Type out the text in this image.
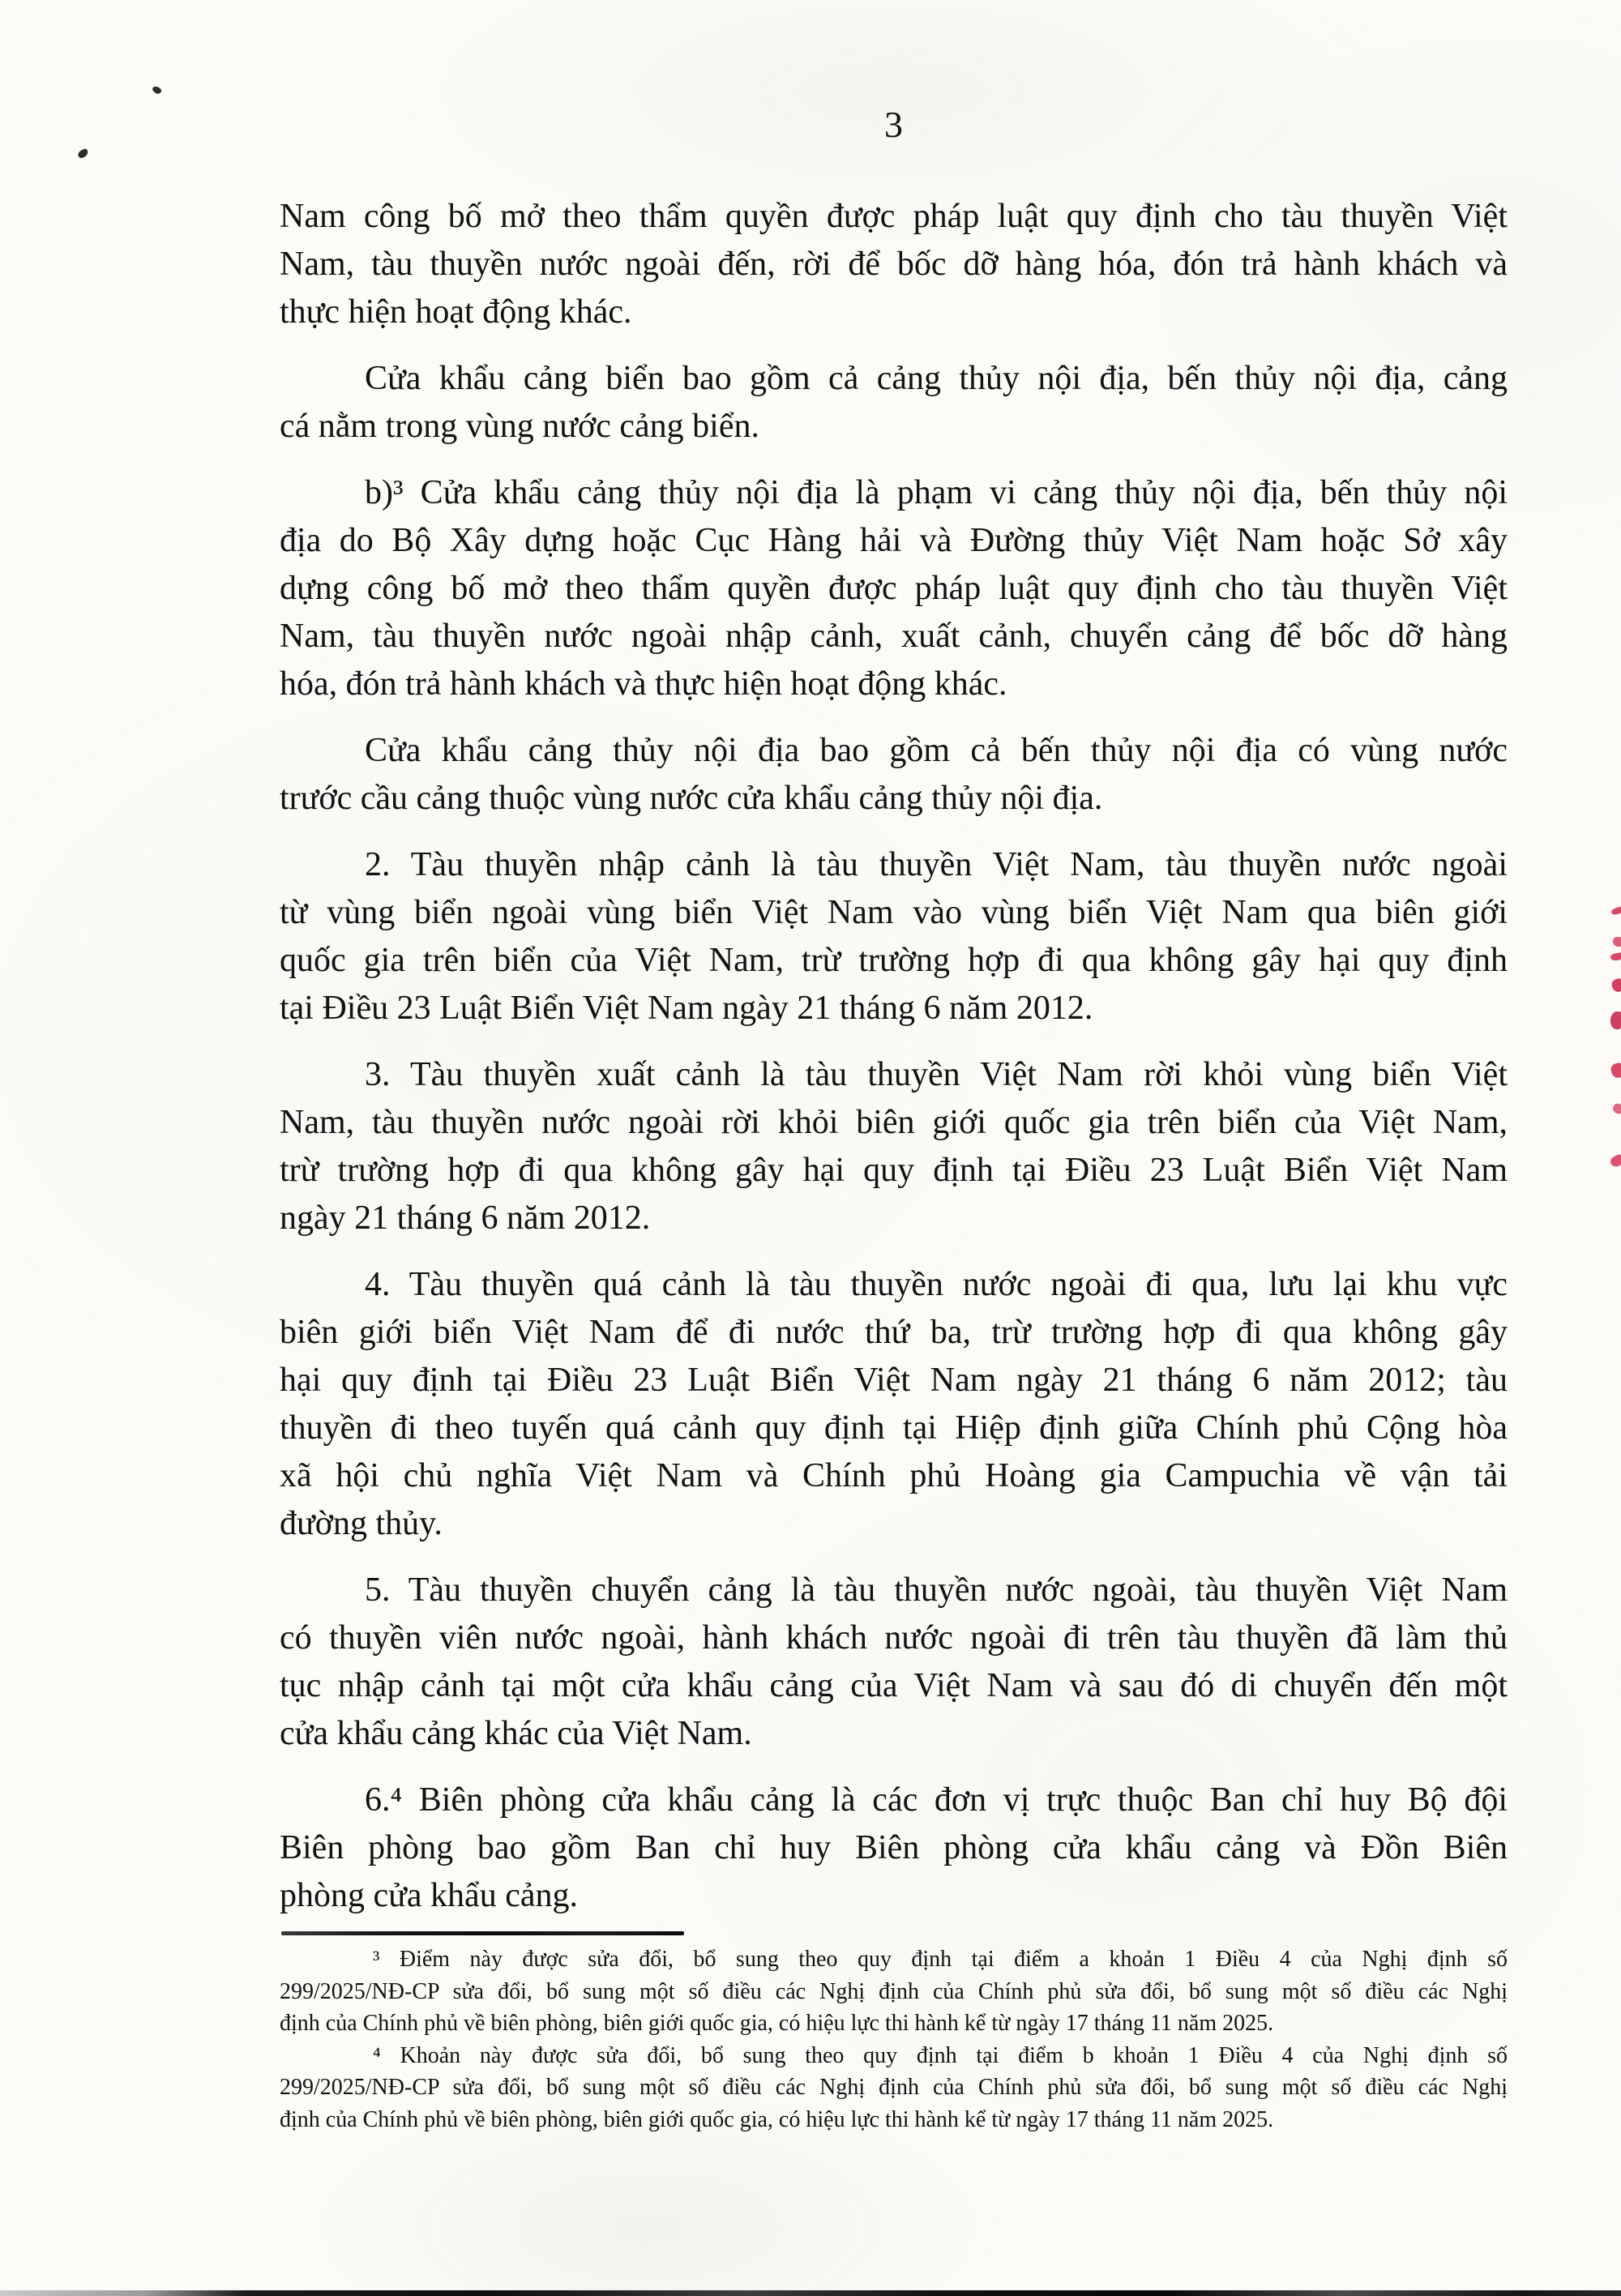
3
Nam công bố mở theo thẩm quyền được pháp luật quy định cho tàu thuyền Việt
Nam, tàu thuyền nước ngoài đến, rời để bốc dỡ hàng hóa, đón trả hành khách và
thực hiện hoạt động khác.
Cửa khẩu cảng biển bao gồm cả cảng thủy nội địa, bến thủy nội địa, cảng
cá nằm trong vùng nước cảng biển.
b)³ Cửa khẩu cảng thủy nội địa là phạm vi cảng thủy nội địa, bến thủy nội
địa do Bộ Xây dựng hoặc Cục Hàng hải và Đường thủy Việt Nam hoặc Sở xây
dựng công bố mở theo thẩm quyền được pháp luật quy định cho tàu thuyền Việt
Nam, tàu thuyền nước ngoài nhập cảnh, xuất cảnh, chuyển cảng để bốc dỡ hàng
hóa, đón trả hành khách và thực hiện hoạt động khác.
Cửa khẩu cảng thủy nội địa bao gồm cả bến thủy nội địa có vùng nước
trước cầu cảng thuộc vùng nước cửa khẩu cảng thủy nội địa.
2. Tàu thuyền nhập cảnh là tàu thuyền Việt Nam, tàu thuyền nước ngoài
từ vùng biển ngoài vùng biển Việt Nam vào vùng biển Việt Nam qua biên giới
quốc gia trên biển của Việt Nam, trừ trường hợp đi qua không gây hại quy định
tại Điều 23 Luật Biển Việt Nam ngày 21 tháng 6 năm 2012.
3. Tàu thuyền xuất cảnh là tàu thuyền Việt Nam rời khỏi vùng biển Việt
Nam, tàu thuyền nước ngoài rời khỏi biên giới quốc gia trên biển của Việt Nam,
trừ trường hợp đi qua không gây hại quy định tại Điều 23 Luật Biển Việt Nam
ngày 21 tháng 6 năm 2012.
4. Tàu thuyền quá cảnh là tàu thuyền nước ngoài đi qua, lưu lại khu vực
biên giới biển Việt Nam để đi nước thứ ba, trừ trường hợp đi qua không gây
hại quy định tại Điều 23 Luật Biển Việt Nam ngày 21 tháng 6 năm 2012; tàu
thuyền đi theo tuyến quá cảnh quy định tại Hiệp định giữa Chính phủ Cộng hòa
xã hội chủ nghĩa Việt Nam và Chính phủ Hoàng gia Campuchia về vận tải
đường thủy.
5. Tàu thuyền chuyển cảng là tàu thuyền nước ngoài, tàu thuyền Việt Nam
có thuyền viên nước ngoài, hành khách nước ngoài đi trên tàu thuyền đã làm thủ
tục nhập cảnh tại một cửa khẩu cảng của Việt Nam và sau đó di chuyển đến một
cửa khẩu cảng khác của Việt Nam.
6.⁴ Biên phòng cửa khẩu cảng là các đơn vị trực thuộc Ban chỉ huy Bộ đội
Biên phòng bao gồm Ban chỉ huy Biên phòng cửa khẩu cảng và Đồn Biên
phòng cửa khẩu cảng.
³ Điểm này được sửa đổi, bổ sung theo quy định tại điểm a khoản 1 Điều 4 của Nghị định số
299/2025/NĐ-CP sửa đổi, bổ sung một số điều các Nghị định của Chính phủ sửa đổi, bổ sung một số điều các Nghị
định của Chính phủ về biên phòng, biên giới quốc gia, có hiệu lực thi hành kể từ ngày 17 tháng 11 năm 2025.
⁴ Khoản này được sửa đổi, bổ sung theo quy định tại điểm b khoản 1 Điều 4 của Nghị định số
299/2025/NĐ-CP sửa đổi, bổ sung một số điều các Nghị định của Chính phủ sửa đổi, bổ sung một số điều các Nghị
định của Chính phủ về biên phòng, biên giới quốc gia, có hiệu lực thi hành kể từ ngày 17 tháng 11 năm 2025.
